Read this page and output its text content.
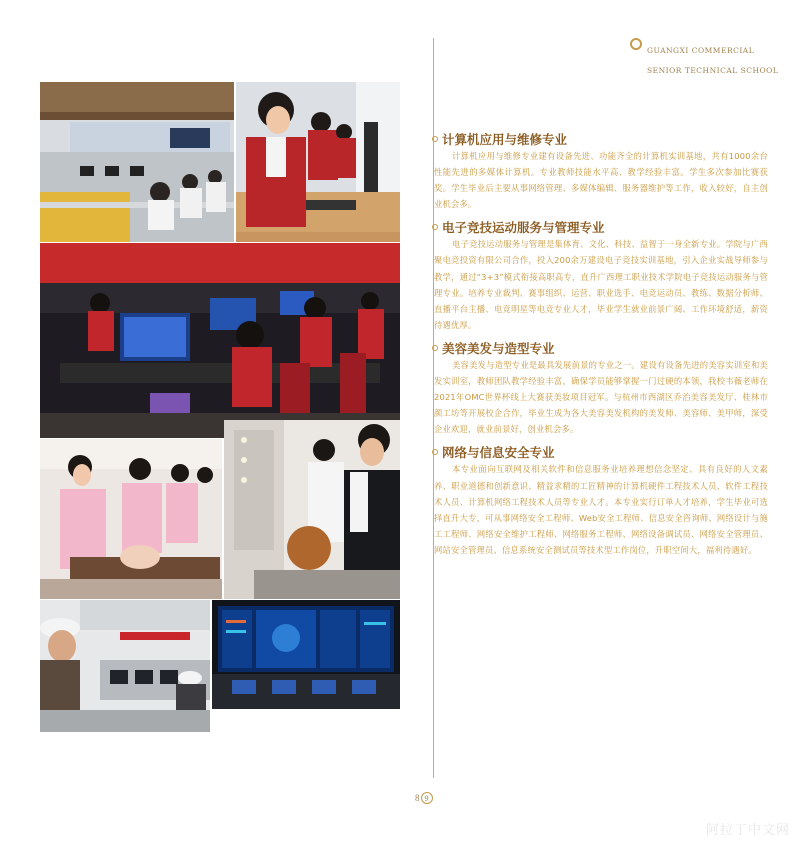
GUANGXI COMMERCIAL

SENIOR TECHNICAL SCHOOL

计算机应用与维修专业
计算机应用与维修专业建有设备先进、功能齐全的计算机实训基地，共有1000余台性能先进的多媒体计算机。专业教师技能水平高、教学经验丰富。学生多次参加比赛获奖。学生毕业后主要从事网络管理、多媒体编辑、服务器维护等工作，收入较好，自主创业机会多。
电子竞技运动服务与管理专业
电子竞技运动服务与管理是集体育、文化、科技、益智于一身全新专业。学院与广西聚电竞投资有限公司合作，投入200余万建设电子竞技实训基地，引入企业实战导师参与教学，通过“3+3”模式衔接高职高专，直升广西理工职业技术学院电子竞技运动服务与管理专业。培养专业裁判、赛事组织、运营、职业选手、电竞运动员、教练、数据分析师、直播平台主播、电竞明星等电竞专业人才，毕业学生就业前景广阔、工作环境舒适，薪资待遇优厚。
美容美发与造型专业
美容美发与造型专业是最具发展前景的专业之一。建设有设备先进的美容实训室和美发实训室，教师团队教学经验丰富，确保学员能够掌握一门过硬的本领，我校韦薇老师在2021年OMC世界杯线上大赛获美妆项目冠军。与杭州市西湖区乔治美容美发厅、桂林市颜工坊等开展校企合作，毕业生成为各大美容美发机构的美发师、美容师、美甲师，深受企业欢迎，就业前景好，创业机会多。
网络与信息安全专业
本专业面向互联网及相关软件和信息服务业培养理想信念坚定、具有良好的人文素养、职业道德和创新意识、精益求精的工匠精神的计算机硬件工程技术人员、软件工程技术人员、计算机网络工程技术人员等专业人才。本专业实行订单人才培养，学生毕业可选择直升大专，可从事网络安全工程师、Web安全工程师、信息安全咨询师、网络设计与施工工程师、网络安全维护工程师、网络服务工程师、网络设备调试员、网络安全管理员、网站安全管理员、信息系统安全测试员等技术型工作岗位，升职空间大，福利待遇好。
8 9
阿拉丁中文网
